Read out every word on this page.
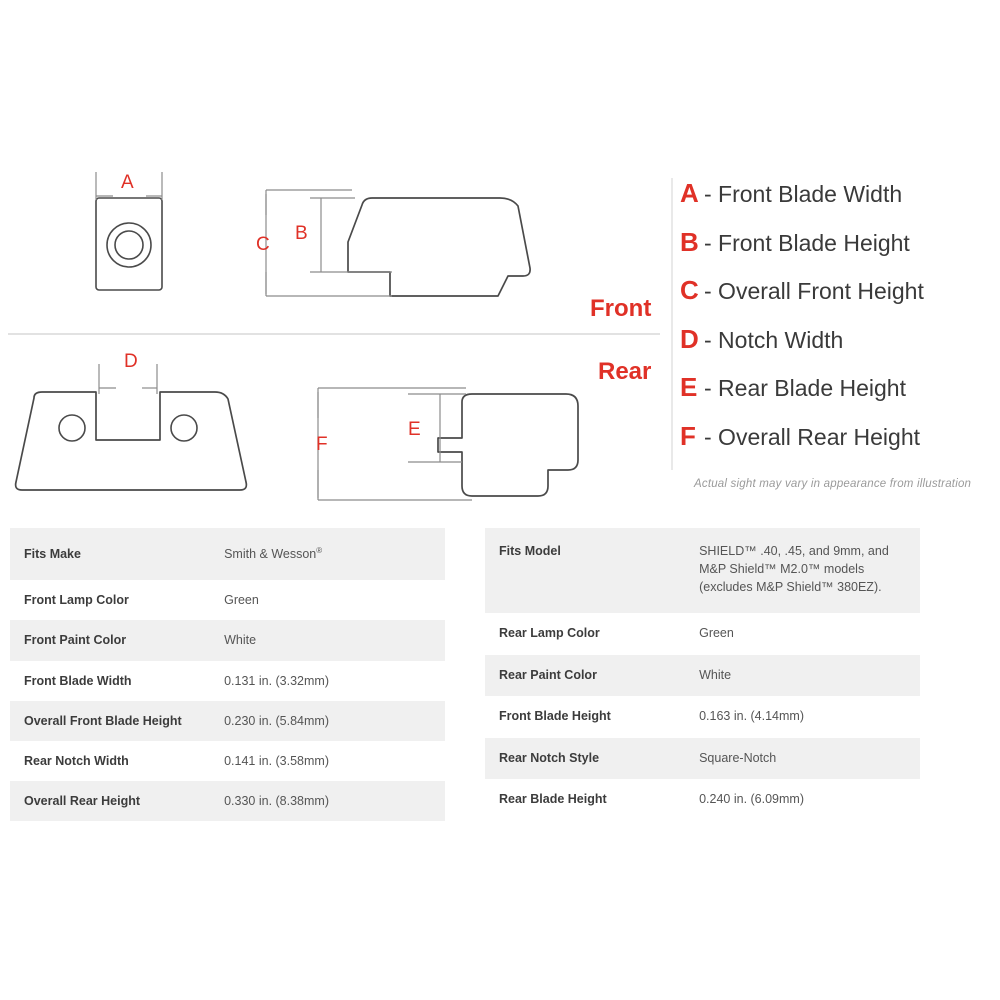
A
B
C
D
E
F
Front
Rear
A - Front Blade Width
B - Front Blade Height
C - Overall Front Height
D - Notch Width
E - Rear Blade Height
F - Overall Rear Height
Actual sight may vary in appearance from illustration
Fits Make	Smith & Wesson®
Front Lamp Color	Green
Front Paint Color	White
Front Blade Width	0.131 in. (3.32mm)
Overall Front Blade Height	0.230 in. (5.84mm)
Rear Notch Width	0.141 in. (3.58mm)
Overall Rear Height	0.330 in. (8.38mm)
Fits Model	SHIELD™ .40, .45, and 9mm, and M&P Shield™ M2.0™ models (excludes M&P Shield™ 380EZ).
Rear Lamp Color	Green
Rear Paint Color	White
Front Blade Height	0.163 in. (4.14mm)
Rear Notch Style	Square-Notch
Rear Blade Height	0.240 in. (6.09mm)
